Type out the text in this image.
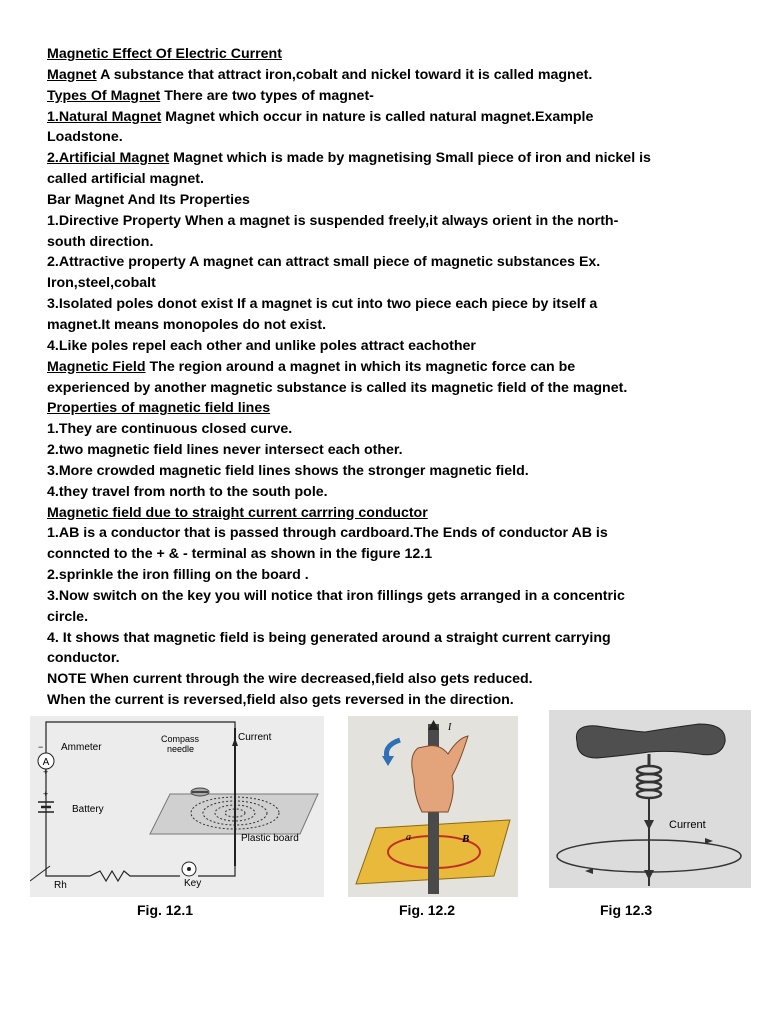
Magnetic Effect Of Electric Current
Magnet A substance that attract iron,cobalt and nickel toward it is called magnet.
Types Of Magnet There are two types of magnet-
1.Natural Magnet Magnet which occur in nature is called natural magnet.Example
Loadstone.
2.Artificial Magnet Magnet which is made by magnetising Small piece of iron and nickel is
called artificial magnet.
Bar Magnet And Its Properties
1.Directive Property When a magnet is suspended freely,it always orient in the north-
south direction.
2.Attractive property A magnet can attract small piece of magnetic substances Ex.
Iron,steel,cobalt
3.Isolated poles donot exist If a magnet is cut into two piece each piece by itself a
magnet.It means monopoles do not exist.
4.Like poles repel each other and unlike poles attract eachother
Magnetic Field The region around a magnet in which its magnetic force can be
experienced by another magnetic substance is called its magnetic field of the magnet.
Properties of magnetic field lines
1.They are continuous closed curve.
2.two magnetic field lines never intersect each other.
3.More crowded magnetic field lines shows the stronger magnetic field.
4.they travel from north to the south pole.
Magnetic field due to straight current carrring conductor
1.AB is a conductor that is passed through cardboard.The Ends of conductor AB is
conncted to the + & - terminal as shown in the figure 12.1
2.sprinkle the iron filling on the board .
3.Now switch on the key you will notice that iron fillings gets arranged in a concentric
circle.
4. It shows that magnetic field is being generated around a straight current carrying
conductor.
NOTE When current through the wire decreased,field also gets reduced.
When the current is reversed,field also gets reversed in the direction.
A
−
+
+
Ammeter
Compass
needle
Current
Battery
Plastic board
Rh	Key
I
a	B
Current
Fig. 12.1	Fig. 12.2	Fig 12.3
